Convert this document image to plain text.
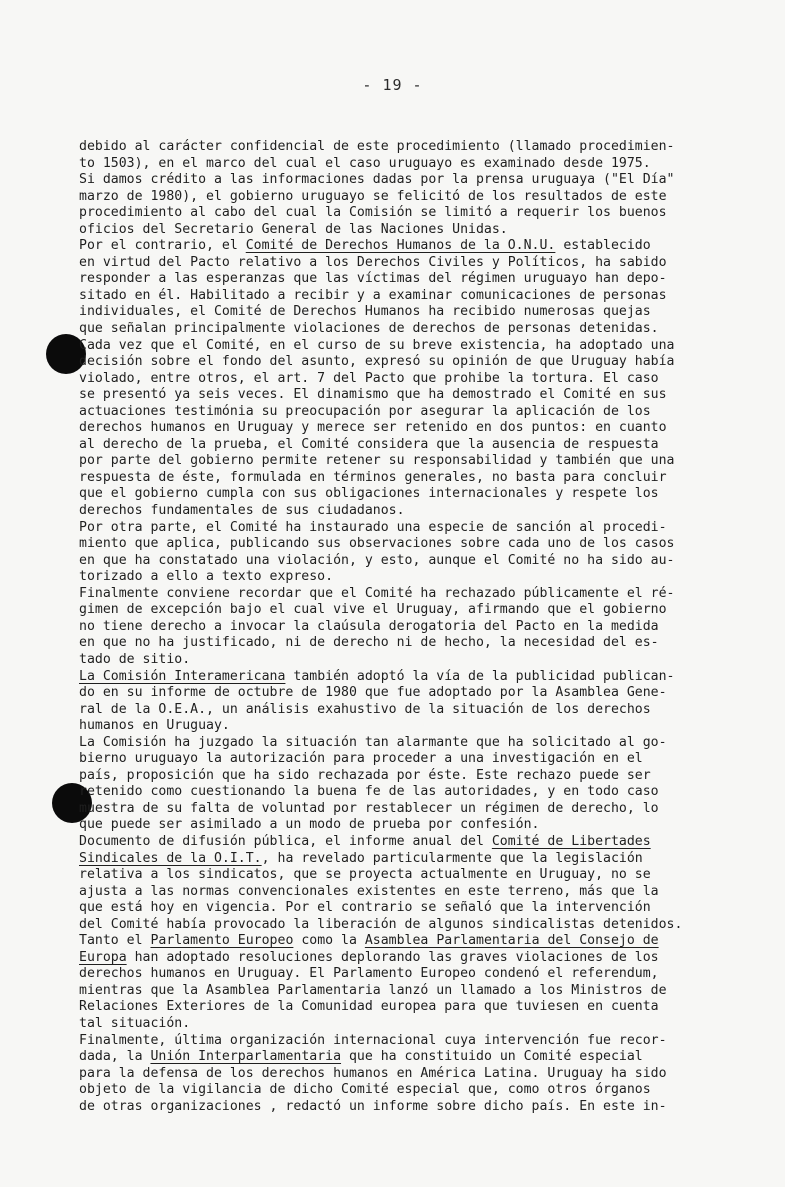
- 19 -
debido al carácter confidencial de este procedimiento (llamado procedimien-
to 1503), en el marco del cual el caso uruguayo es examinado desde 1975.
Si damos crédito a las informaciones dadas por la prensa uruguaya ("El Día"
marzo de 1980), el gobierno uruguayo se felicitó de los resultados de este
procedimiento al cabo del cual la Comisión se limitó a requerir los buenos
oficios del Secretario General de las Naciones Unidas.
Por el contrario, el Comité de Derechos Humanos de la O.N.U. establecido
en virtud del Pacto relativo a los Derechos Civiles y Políticos, ha sabido
responder a las esperanzas que las víctimas del régimen uruguayo han depo-
sitado en él. Habilitado a recibir y a examinar comunicaciones de personas
individuales, el Comité de Derechos Humanos ha recibido numerosas quejas
que señalan principalmente violaciones de derechos de personas detenidas.
Cada vez que el Comité, en el curso de su breve existencia, ha adoptado una
decisión sobre el fondo del asunto, expresó su opinión de que Uruguay había
violado, entre otros, el art. 7 del Pacto que prohibe la tortura. El caso
se presentó ya seis veces. El dinamismo que ha demostrado el Comité en sus
actuaciones testimónia su preocupación por asegurar la aplicación de los
derechos humanos en Uruguay y merece ser retenido en dos puntos: en cuanto
al derecho de la prueba, el Comité considera que la ausencia de respuesta
por parte del gobierno permite retener su responsabilidad y también que una
respuesta de éste, formulada en términos generales, no basta para concluir
que el gobierno cumpla con sus obligaciones internacionales y respete los
derechos fundamentales de sus ciudadanos.
Por otra parte, el Comité ha instaurado una especie de sanción al procedi-
miento que aplica, publicando sus observaciones sobre cada uno de los casos
en que ha constatado una violación, y esto, aunque el Comité no ha sido au-
torizado a ello a texto expreso.
Finalmente conviene recordar que el Comité ha rechazado públicamente el ré-
gimen de excepción bajo el cual vive el Uruguay, afirmando que el gobierno
no tiene derecho a invocar la claúsula derogatoria del Pacto en la medida
en que no ha justificado, ni de derecho ni de hecho, la necesidad del es-
tado de sitio.
La Comisión Interamericana también adoptó la vía de la publicidad publican-
do en su informe de octubre de 1980 que fue adoptado por la Asamblea Gene-
ral de la O.E.A., un análisis exahustivo de la situación de los derechos
humanos en Uruguay.
La Comisión ha juzgado la situación tan alarmante que ha solicitado al go-
bierno uruguayo la autorización para proceder a una investigación en el
país, proposición que ha sido rechazada por éste. Este rechazo puede ser
retenido como cuestionando la buena fe de las autoridades, y en todo caso
muestra de su falta de voluntad por restablecer un régimen de derecho, lo
que puede ser asimilado a un modo de prueba por confesión.
Documento de difusión pública, el informe anual del Comité de Libertades
Sindicales de la O.I.T., ha revelado particularmente que la legislación
relativa a los sindicatos, que se proyecta actualmente en Uruguay, no se
ajusta a las normas convencionales existentes en este terreno, más que la
que está hoy en vigencia. Por el contrario se señaló que la intervención
del Comité había provocado la liberación de algunos sindicalistas detenidos.
Tanto el Parlamento Europeo como la Asamblea Parlamentaria del Consejo de
Europa han adoptado resoluciones deplorando las graves violaciones de los
derechos humanos en Uruguay. El Parlamento Europeo condenó el referendum,
mientras que la Asamblea Parlamentaria lanzó un llamado a los Ministros de
Relaciones Exteriores de la Comunidad europea para que tuviesen en cuenta
tal situación.
Finalmente, última organización internacional cuya intervención fue recor-
dada, la Unión Interparlamentaria que ha constituido un Comité especial
para la defensa de los derechos humanos en América Latina. Uruguay ha sido
objeto de la vigilancia de dicho Comité especial que, como otros órganos
de otras organizaciones , redactó un informe sobre dicho país. En este in-
